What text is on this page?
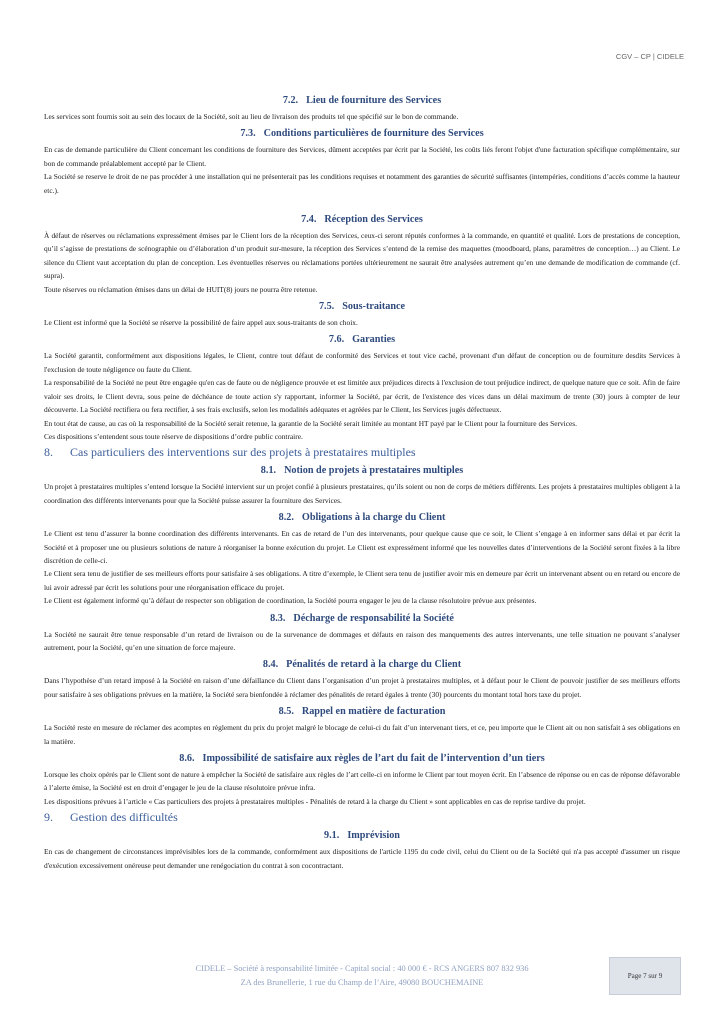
CGV – CP | CIDELE
7.2. Lieu de fourniture des Services

Les services sont fournis soit au sein des locaux de la Société, soit au lieu de livraison des produits tel que spécifié sur le bon de commande.

7.3. Conditions particulières de fourniture des Services

En cas de demande particulière du Client concernant les conditions de fourniture des Services, dûment acceptées par écrit par la Société, les coûts liés feront l'objet d'une facturation spécifique complémentaire, sur bon de commande préalablement accepté par le Client.

La Société se reserve le droit de ne pas procéder à une installation qui ne présenterait pas les conditions requises et notamment des garanties de sécurité suffisantes (intempéries, conditions d’accès comme la hauteur etc.).

7.4. Réception des Services

À défaut de réserves ou réclamations expressément émises par le Client lors de la réception des Services, ceux-ci seront réputés conformes à la commande, en quantité et qualité. Lors de prestations de conception, qu’il s’agisse de prestations de scénographie ou d’élaboration d’un produit sur-mesure, la réception des Services s’entend de la remise des maquettes (moodboard, plans, paramètres de conception…) au Client. Le silence du Client vaut acceptation du plan de conception. Les éventuelles réserves ou réclamations portées ultérieurement ne saurait être analysées autrement qu’en une demande de modification de commande (cf. supra).

Toute réserves ou réclamation émises dans un délai de HUIT(8) jours ne pourra être retenue.

7.5. Sous-traitance

Le Client est informé que la Société se réserve la possibilité de faire appel aux sous-traitants de son choix.

7.6. Garanties

La Société garantit, conformément aux dispositions légales, le Client, contre tout défaut de conformité des Services et tout vice caché, provenant d'un défaut de conception ou de fourniture desdits Services à l'exclusion de toute négligence ou faute du Client.

La responsabilité de la Société ne peut être engagée qu'en cas de faute ou de négligence prouvée et est limitée aux préjudices directs à l'exclusion de tout préjudice indirect, de quelque nature que ce soit. Afin de faire valoir ses droits, le Client devra, sous peine de déchéance de toute action s'y rapportant, informer la Société, par écrit, de l'existence des vices dans un délai maximum de trente (30) jours à compter de leur découverte. La Société rectifiera ou fera rectifier, à ses frais exclusifs, selon les modalités adéquates et agréées par le Client, les Services jugés défectueux.

En tout état de cause, au cas où la responsabilité de la Société serait retenue, la garantie de la Société serait limitée au montant HT payé par le Client pour la fourniture des Services.

Ces dispositions s’entendent sous toute réserve de dispositions d’ordre public contraire.

8. Cas particuliers des interventions sur des projets à prestataires multiples
8.1. Notion de projets à prestataires multiples

Un projet à prestataires multiples s’entend lorsque la Société intervient sur un projet confié à plusieurs prestataires, qu’ils soient ou non de corps de métiers différents. Les projets à prestataires multiples obligent à la coordination des différents intervenants pour que la Société puisse assurer la fourniture des Services.

8.2. Obligations à la charge du Client

Le Client est tenu d’assurer la bonne coordination des différents intervenants. En cas de retard de l’un des intervenants, pour quelque cause que ce soit, le Client s’engage à en informer sans délai et par écrit la Société et à proposer une ou plusieurs solutions de nature à réorganiser la bonne exécution du projet. Le Client est expressément informé que les nouvelles dates d’interventions de la Société seront fixées à la libre discrétion de celle-ci.

Le Client sera tenu de justifier de ses meilleurs efforts pour satisfaire à ses obligations. A titre d’exemple, le Client sera tenu de justifier avoir mis en demeure par écrit un intervenant absent ou en retard ou encore de lui avoir adressé par écrit les solutions pour une réorganisation efficace du projet.

Le Client est également informé qu’à défaut de respecter son obligation de coordination, la Société pourra engager le jeu de la clause résolutoire prévue aux présentes.

8.3. Décharge de responsabilité la Société

La Société ne saurait être tenue responsable d’un retard de livraison ou de la survenance de dommages et défauts en raison des manquements des autres intervenants, une telle situation ne pouvant s’analyser autrement, pour la Société, qu’en une situation de force majeure.

8.4. Pénalités de retard à la charge du Client

Dans l’hypothèse d’un retard imposé à la Société en raison d’une défaillance du Client dans l’organisation d’un projet à prestataires multiples, et à défaut pour le Client de pouvoir justifier de ses meilleurs efforts pour satisfaire à ses obligations prévues en la matière, la Société sera bienfondée à réclamer des pénalités de retard égales à trente (30) pourcents du montant total hors taxe du projet.

8.5. Rappel en matière de facturation

La Société reste en mesure de réclamer des acomptes en règlement du prix du projet malgré le blocage de celui-ci du fait d’un intervenant tiers, et ce, peu importe que le Client ait ou non satisfait à ses obligations en la matière.

8.6. Impossibilité de satisfaire aux règles de l’art du fait de l’intervention d’un tiers

Lorsque les choix opérés par le Client sont de nature à empêcher la Société de satisfaire aux règles de l’art celle-ci en informe le Client par tout moyen écrit. En l’absence de réponse ou en cas de réponse défavorable à l’alerte émise, la Société est en droit d’engager le jeu de la clause résolutoire prévue infra.

Les dispositions prévues à l’article « Cas particuliers des projets à prestataires multiples - Pénalités de retard à la charge du Client » sont applicables en cas de reprise tardive du projet.

9. Gestion des difficultés
9.1. Imprévision

En cas de changement de circonstances imprévisibles lors de la commande, conformément aux dispositions de l'article 1195 du code civil, celui du Client ou de la Société qui n'a pas accepté d'assumer un risque d'exécution excessivement onéreuse peut demander une renégociation du contrat à son cocontractant.

CIDELE – Société à responsabilité limitée - Capital social : 40 000 € - RCS ANGERS 807 832 936
ZA des Brunellerie, 1 rue du Champ de l’Aire, 49080 BOUCHEMAINE
Page 7 sur 9
